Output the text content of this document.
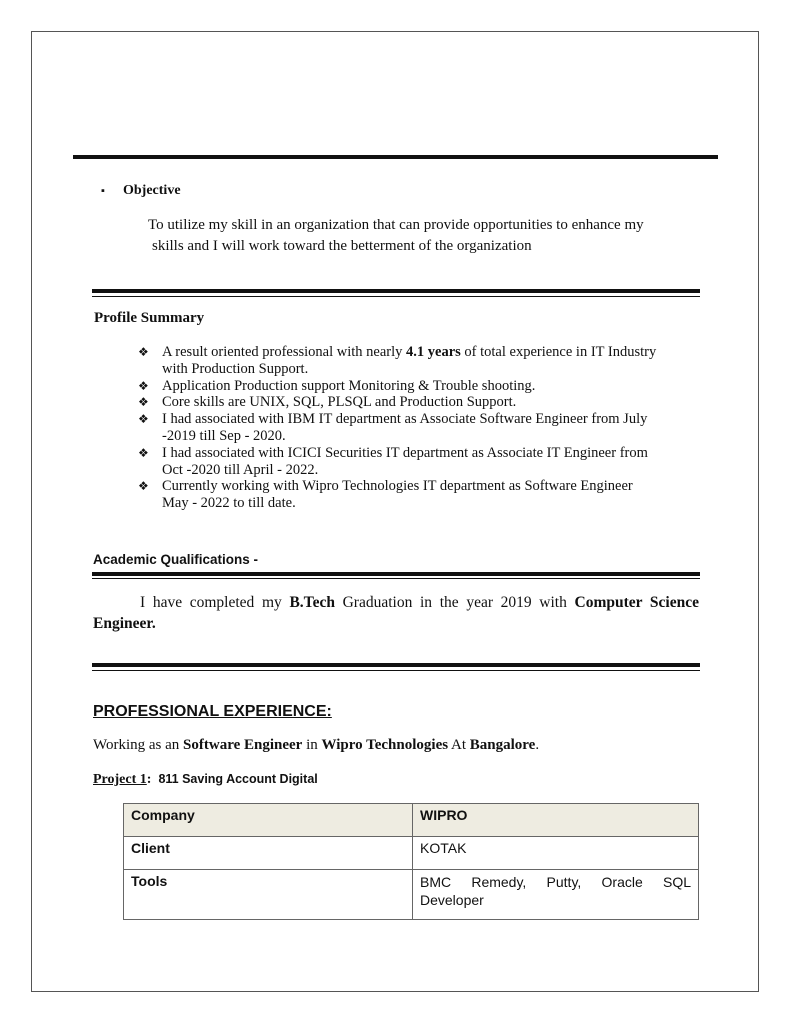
▪ Objective
To utilize my skill in an organization that can provide opportunities to enhance my
skills and I will work toward the betterment of the organization
Profile Summary
❖ A result oriented professional with nearly 4.1 years of total experience in IT Industry with Production Support.
❖ Application Production support Monitoring & Trouble shooting.
❖ Core skills are UNIX, SQL, PLSQL and Production Support.
❖ I had associated with IBM IT department as Associate Software Engineer from July -2019 till Sep - 2020.
❖ I had associated with ICICI Securities IT department as Associate IT Engineer from Oct -2020 till April - 2022.
❖ Currently working with Wipro Technologies IT department as Software Engineer May - 2022 to till date.
Academic Qualifications -
I have completed my B.Tech Graduation in the year 2019 with Computer Science Engineer.
PROFESSIONAL EXPERIENCE:
Working as an Software Engineer in Wipro Technologies At Bangalore.
Project 1: 811 Saving Account Digital
Company	WIPRO
Client	KOTAK
Tools	BMC Remedy, Putty, Oracle SQL Developer
